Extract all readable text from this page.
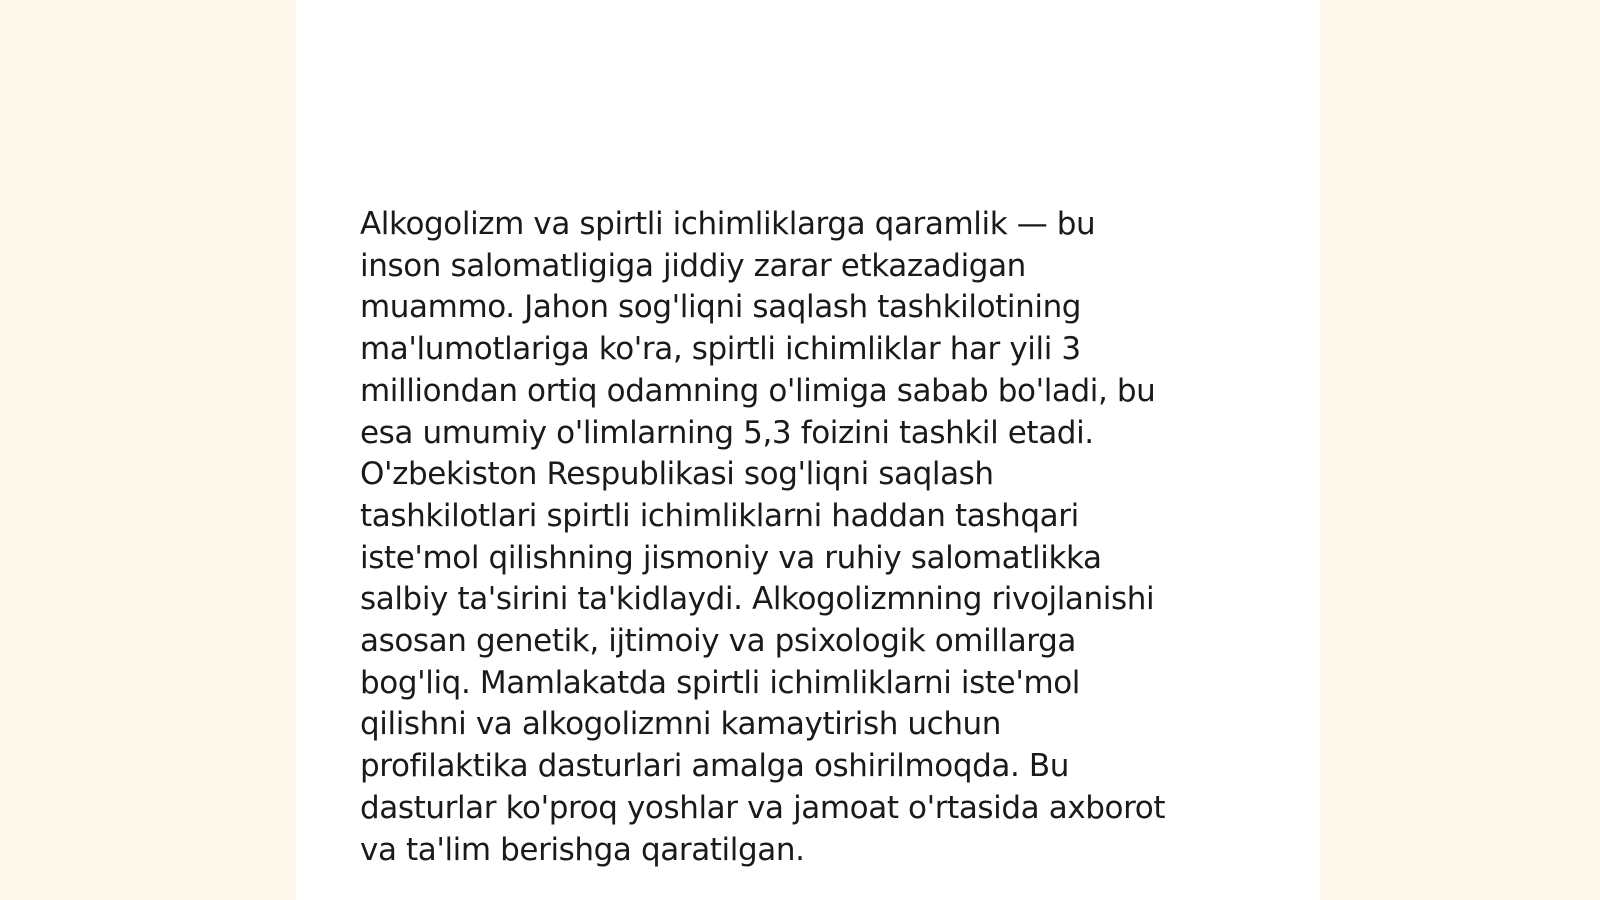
Alkogolizm va spirtli ichimliklarga qaramlik — bu
inson salomatligiga jiddiy zarar etkazadigan
muammo. Jahon sog'liqni saqlash tashkilotining
ma'lumotlariga ko'ra, spirtli ichimliklar har yili 3
milliondan ortiq odamning o'limiga sabab bo'ladi, bu
esa umumiy o'limlarning 5,3 foizini tashkil etadi.
O'zbekiston Respublikasi sog'liqni saqlash
tashkilotlari spirtli ichimliklarni haddan tashqari
iste'mol qilishning jismoniy va ruhiy salomatlikka
salbiy ta'sirini ta'kidlaydi. Alkogolizmning rivojlanishi
asosan genetik, ijtimoiy va psixologik omillarga
bog'liq. Mamlakatda spirtli ichimliklarni iste'mol
qilishni va alkogolizmni kamaytirish uchun
profilaktika dasturlari amalga oshirilmoqda. Bu
dasturlar ko'proq yoshlar va jamoat o'rtasida axborot
va ta'lim berishga qaratilgan.
